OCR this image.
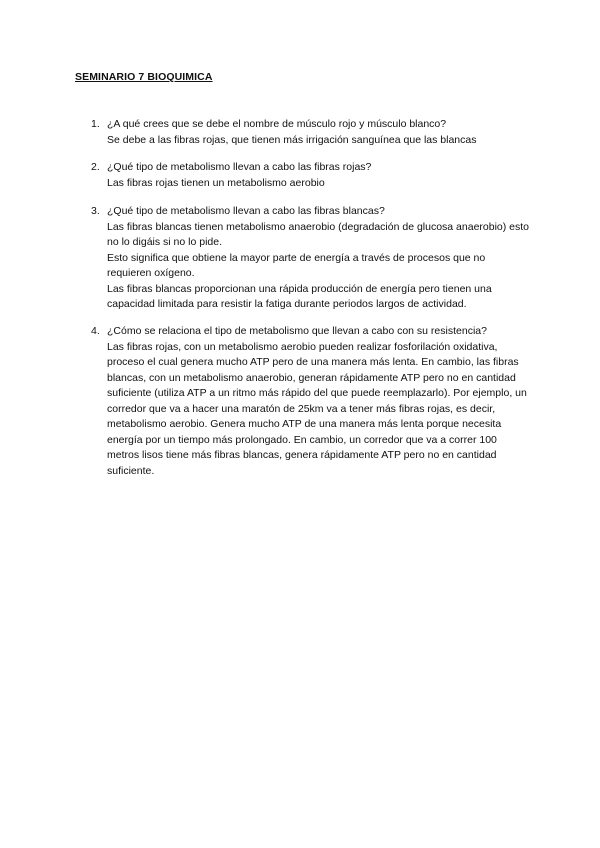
SEMINARIO 7 BIOQUIMICA
1. ¿A qué crees que se debe el nombre de músculo rojo y músculo blanco?

Se debe a las fibras rojas, que tienen más irrigación sanguínea que las blancas

2. ¿Qué tipo de metabolismo llevan a cabo las fibras rojas?

Las fibras rojas tienen un metabolismo aerobio

3. ¿Qué tipo de metabolismo llevan a cabo las fibras blancas?

Las fibras blancas tienen metabolismo anaerobio (degradación de glucosa anaerobio) esto no lo digáis si no lo pide.

Esto significa que obtiene la mayor parte de energía a través de procesos que no requieren oxígeno.

Las fibras blancas proporcionan una rápida producción de energía pero tienen una capacidad limitada para resistir la fatiga durante periodos largos de actividad.

4. ¿Cómo se relaciona el tipo de metabolismo que llevan a cabo con su resistencia?

Las fibras rojas, con un metabolismo aerobio pueden realizar fosforilación oxidativa, proceso el cual genera mucho ATP pero de una manera más lenta. En cambio, las fibras blancas, con un metabolismo anaerobio, generan rápidamente ATP pero no en cantidad suficiente (utiliza ATP a un ritmo más rápido del que puede reemplazarlo). Por ejemplo, un corredor que va a hacer una maratón de 25km va a tener más fibras rojas, es decir, metabolismo aerobio. Genera mucho ATP de una manera más lenta porque necesita energía por un tiempo más prolongado. En cambio, un corredor que va a correr 100 metros lisos tiene más fibras blancas, genera rápidamente ATP pero no en cantidad suficiente.
